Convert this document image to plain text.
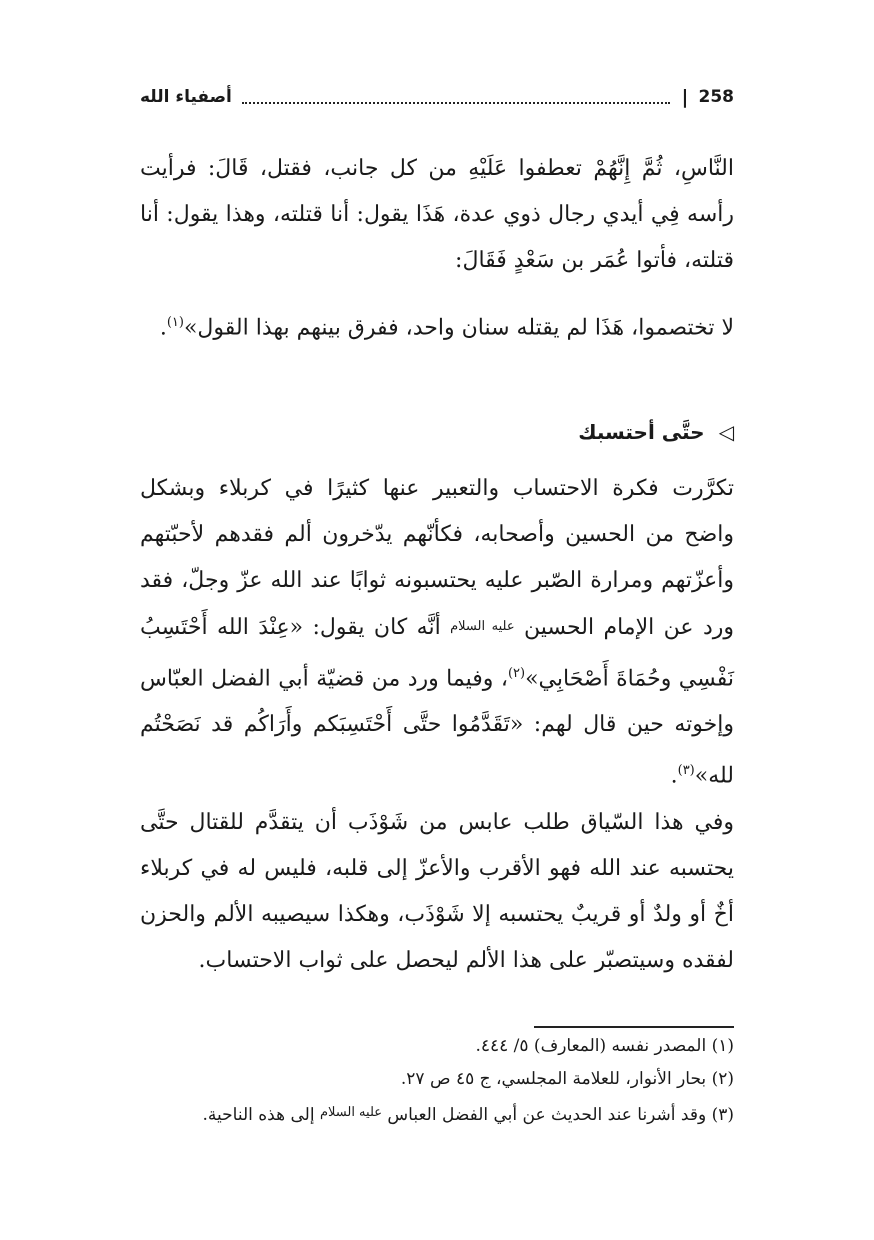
أصفياء الله	| 258

النَّاسِ، ثُمَّ إِنَّهُمْ تعطفوا عَلَيْهِ من كل جانب، فقتل، قَالَ: فرأيت رأسه فِي أيدي رجال ذوي عدة، هَذَا يقول: أنا قتلته، وهذا يقول: أنا قتلته، فأتوا عُمَر بن سَعْدٍ فَقَالَ:

لا تختصموا، هَذَا لم يقتله سنان واحد، ففرق بينهم بهذا القول»$^{(١)}$.

◁
حتَّى أحتسبك

تكرَّرت فكرة الاحتساب والتعبير عنها كثيرًا في كربلاء وبشكل واضح من الحسين وأصحابه، فكأنّهم يدّخرون ألم فقدهم لأحبّتهم وأعزّتهم ومرارة الصّبر عليه يحتسبونه ثوابًا عند الله عزّ وجلّ، فقد ورد عن الإمام الحسين عليه السلام أنَّه كان يقول: «عِنْدَ الله أَحْتَسِبُ نَفْسِي وحُمَاةَ أَصْحَابِي»$^{(٢)}$، وفيما ورد من قضيّة أبي الفضل العبّاس وإخوته حين قال لهم: «تَقَدَّمُوا حتَّى أَحْتَسِبَكم وأَرَاكُم قد نَصَحْتُم لله»$^{(٣)}$.

وفي هذا السّياق طلب عابس من شَوْذَب أن يتقدَّم للقتال حتَّى يحتسبه عند الله فهو الأقرب والأعزّ إلى قلبه، فليس له في كربلاء أخٌ أو ولدٌ أو قريبٌ يحتسبه إلا شَوْذَب، وهكذا سيصيبه الألم والحزن لفقده وسيتصبّر على هذا الألم ليحصل على ثواب الاحتساب.

(١) المصدر نفسه (المعارف) ٥/ ٤٤٤.
(٢) بحار الأنوار، للعلامة المجلسي، ج ٤٥ ص ٢٧.
(٣) وقد أشرنا عند الحديث عن أبي الفضل العباس $^{عليه السلام}$ إلى هذه الناحية.
